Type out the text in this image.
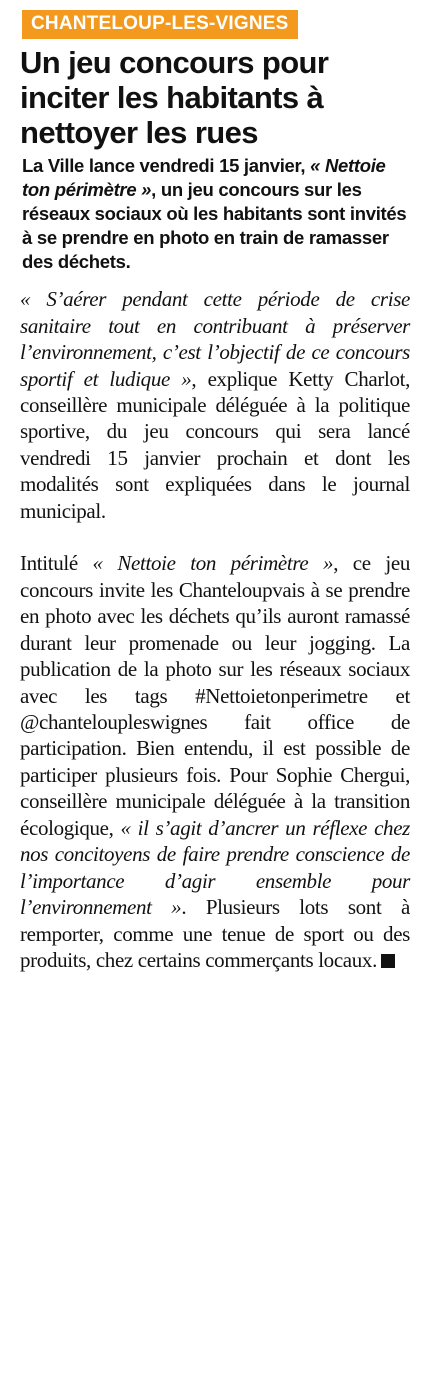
CHANTELOUP-LES-VIGNES
Un jeu concours pour inciter les habitants à nettoyer les rues
La Ville lance vendredi 15 janvier, « Nettoie ton périmètre », un jeu concours sur les réseaux sociaux où les habitants sont invités à se prendre en photo en train de ramasser des déchets.

« S’aérer pendant cette période de crise sanitaire tout en contribuant à préserver l’environnement, c’est l’objectif de ce concours sportif et ludique », explique Ketty Charlot, conseillère municipale déléguée à la politique sportive, du jeu concours qui sera lancé vendredi 15 janvier prochain et dont les modalités sont expliquées dans le journal municipal.

Intitulé « Nettoie ton périmètre », ce jeu concours invite les Chanteloupvais à se prendre en photo avec les déchets qu’ils auront ramassé durant leur promenade ou leur jogging. La publication de la photo sur les réseaux sociaux avec les tags #Nettoietonperimetre et @chanteloupleswignes fait office de participation. Bien entendu, il est possible de participer plusieurs fois. Pour Sophie Chergui, conseillère municipale déléguée à la transition écologique, « il s’agit d’ancrer un réflexe chez nos concitoyens de faire prendre conscience de l’importance d’agir ensemble pour l’environnement ». Plusieurs lots sont à remporter, comme une tenue de sport ou des produits, chez certains commerçants locaux.
